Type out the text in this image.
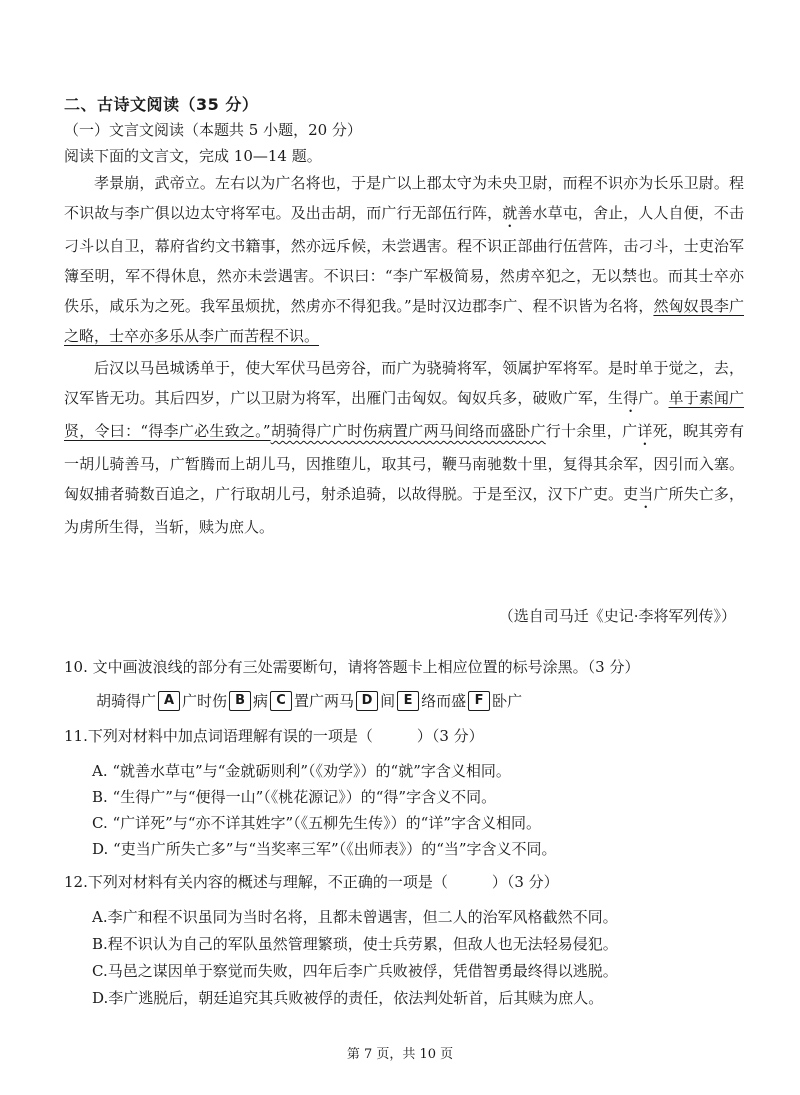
二、古诗文阅读（35 分）
（一）文言文阅读（本题共 5 小题，20 分）
阅读下面的文言文，完成 10—14 题。

孝景崩，武帝立。左右以为广名将也，于是广以上郡太守为未央卫尉，而程不识亦为长乐卫尉。程不识故与李广俱以边太守将军屯。及出击胡，而广行无部伍行阵，就善水草屯，舍止，人人自便，不击刁斗以自卫，幕府省约文书籍事，然亦远斥候，未尝遇害。程不识正部曲行伍营阵，击刁斗，士吏治军簿至明，军不得休息，然亦未尝遇害。不识曰：“李广军极简易，然虏卒犯之，无以禁也。而其士卒亦佚乐，咸乐为之死。我军虽烦扰，然虏亦不得犯我。”是时汉边郡李广、程不识皆为名将，然匈奴畏李广之略，士卒亦多乐从李广而苦程不识。

后汉以马邑城诱单于，使大军伏马邑旁谷，而广为骁骑将军，领属护军将军。是时单于觉之，去，汉军皆无功。其后四岁，广以卫尉为将军，出雁门击匈奴。匈奴兵多，破败广军，生得广。单于素闻广贤，令曰：“得李广必生致之。”胡骑得广广时伤病置广两马间络而盛卧广行十余里，广详死，睨其旁有一胡儿骑善马，广暂腾而上胡儿马，因推堕儿，取其弓，鞭马南驰数十里，复得其余军，因引而入塞。匈奴捕者骑数百追之，广行取胡儿弓，射杀追骑，以故得脱。于是至汉，汉下广吏。吏当广所失亡多，为虏所生得，当斩，赎为庶人。

（选自司马迁《史记·李将军列传》）
10. 文中画波浪线的部分有三处需要断句，请将答题卡上相应位置的标号涂黑。（3 分）
胡骑得广 A 广时伤 B 病 C 置广两马 D 间 E 络而盛 F 卧广
11.下列对材料中加点词语理解有误的一项是（	）（3 分）
A. “就善水草屯”与“金就砺则利”（《劝学》）的“就”字含义相同。
B. “生得广”与“便得一山”（《桃花源记》）的“得”字含义不同。
C. “广详死”与“亦不详其姓字”（《五柳先生传》）的“详”字含义相同。
D. “吏当广所失亡多”与“当奖率三军”（《出师表》）的“当”字含义不同。
12.下列对材料有关内容的概述与理解，不正确的一项是（	）（3 分）
A.李广和程不识虽同为当时名将，且都未曾遇害，但二人的治军风格截然不同。
B.程不识认为自己的军队虽然管理繁琐，使士兵劳累，但敌人也无法轻易侵犯。
C.马邑之谋因单于察觉而失败，四年后李广兵败被俘，凭借智勇最终得以逃脱。
D.李广逃脱后，朝廷追究其兵败被俘的责任，依法判处斩首，后其赎为庶人。
第 7 页，共 10 页
